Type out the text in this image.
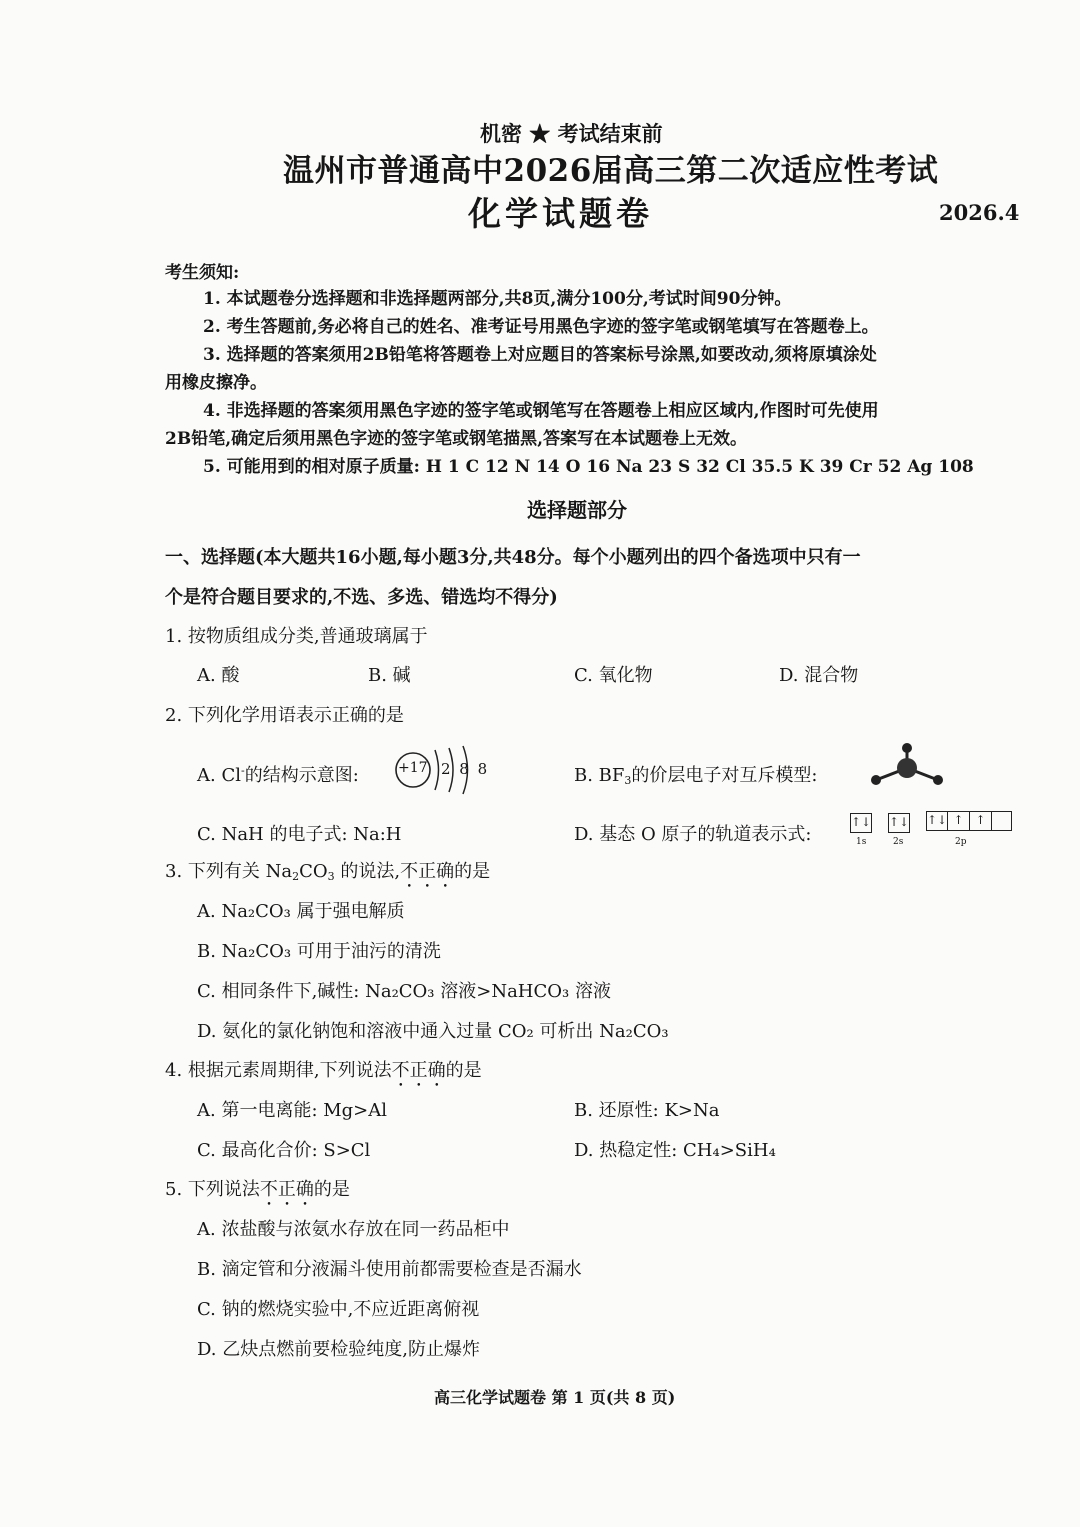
机密 ★ 考试结束前
温州市普通高中2026届高三第二次适应性考试
化学试题卷	2026.4
考生须知:
1. 本试题卷分选择题和非选择题两部分,共8页,满分100分,考试时间90分钟。
2. 考生答题前,务必将自己的姓名、准考证号用黑色字迹的签字笔或钢笔填写在答题卷上。
3. 选择题的答案须用2B铅笔将答题卷上对应题目的答案标号涂黑,如要改动,须将原填涂处
用橡皮擦净。
4. 非选择题的答案须用黑色字迹的签字笔或钢笔写在答题卷上相应区域内,作图时可先使用
2B铅笔,确定后须用黑色字迹的签字笔或钢笔描黑,答案写在本试题卷上无效。
5. 可能用到的相对原子质量: H 1 C 12 N 14 O 16 Na 23 S 32 Cl 35.5 K 39 Cr 52 Ag 108
选择题部分
一、选择题(本大题共16小题,每小题3分,共48分。每个小题列出的四个备选项中只有一
个是符合题目要求的,不选、多选、错选均不得分)
1. 按物质组成分类,普通玻璃属于
A. 酸	B. 碱	C. 氧化物	D. 混合物
2. 下列化学用语表示正确的是
A. Cl-的结构示意图:	+17 2 8 8	B. $BF_3$的价层电子对互斥模型:
C. NaH 的电子式: Na:H	D. 基态 O 原子的轨道表示式:
↑↓ ↑↓ ↑↓ ↑ ↑
1s	2s	2p
3. 下列有关 $Na_2CO_3$ 的说法,不正确的是
A. Na₂CO₃ 属于强电解质
B. Na₂CO₃ 可用于油污的清洗
C. 相同条件下,碱性: Na₂CO₃ 溶液>NaHCO₃ 溶液
D. 氨化的氯化钠饱和溶液中通入过量 CO₂ 可析出 Na₂CO₃
4. 根据元素周期律,下列说法不正确的是
A. 第一电离能: Mg>Al	B. 还原性: K>Na
C. 最高化合价: S>Cl	D. 热稳定性: CH₄>SiH₄
5. 下列说法不正确的是
A. 浓盐酸与浓氨水存放在同一药品柜中
B. 滴定管和分液漏斗使用前都需要检查是否漏水
C. 钠的燃烧实验中,不应近距离俯视
D. 乙炔点燃前要检验纯度,防止爆炸
高三化学试题卷 第 1 页(共 8 页)
